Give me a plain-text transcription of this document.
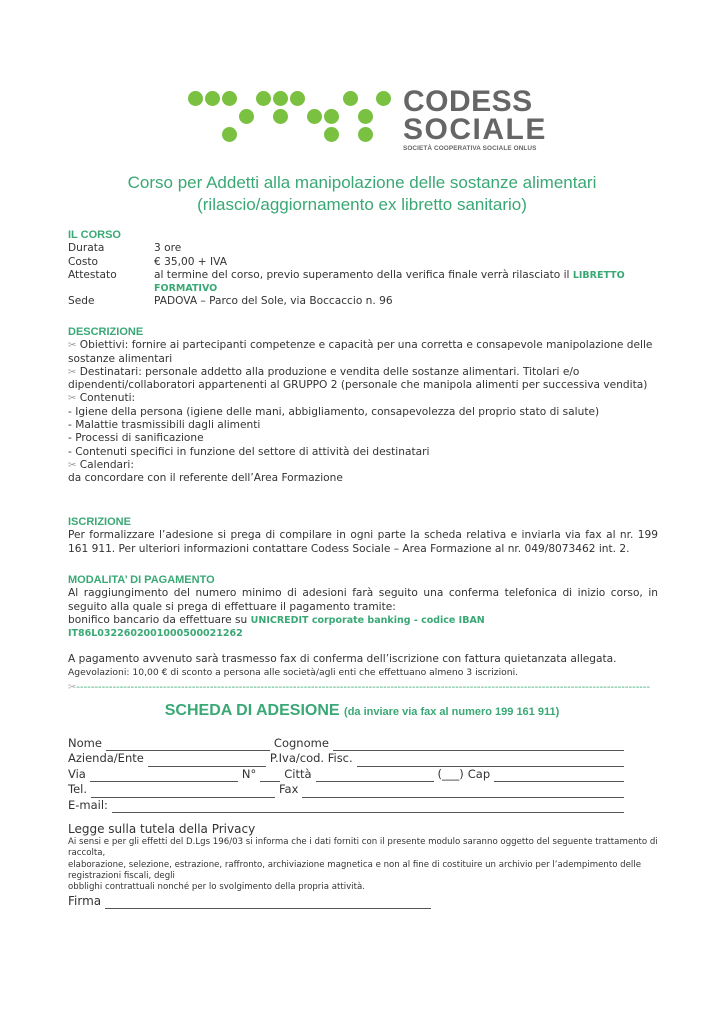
CODESS
SOCIALE
SOCIETÀ COOPERATIVA SOCIALE ONLUS
Corso per Addetti alla manipolazione delle sostanze alimentari
(rilascio/aggiornamento ex libretto sanitario)
IL CORSO
Durata	3 ore
Costo	€ 35,00 + IVA
Attestato	al termine del corso, previo superamento della verifica finale verrà rilasciato il LIBRETTO FORMATIVO
Sede	PADOVA – Parco del Sole, via Boccaccio n. 96
DESCRIZIONE
✂ Obiettivi: fornire ai partecipanti competenze e capacità per una corretta e consapevole manipolazione delle sostanze alimentari
✂ Destinatari: personale addetto alla produzione e vendita delle sostanze alimentari. Titolari e/o dipendenti/collaboratori appartenenti al GRUPPO 2 (personale che manipola alimenti per successiva vendita)
✂ Contenuti:
- Igiene della persona (igiene delle mani, abbigliamento, consapevolezza del proprio stato di salute)
- Malattie trasmissibili dagli alimenti
- Processi di sanificazione
- Contenuti specifici in funzione del settore di attività dei destinatari
✂ Calendari:
da concordare con il referente dell’Area Formazione
ISCRIZIONE
Per formalizzare l’adesione si prega di compilare in ogni parte la scheda relativa e inviarla via fax al nr. 199 161 911. Per ulteriori informazioni contattare Codess Sociale – Area Formazione al nr. 049/8073462 int. 2.
MODALITA’ DI PAGAMENTO
Al raggiungimento del numero minimo di adesioni farà seguito una conferma telefonica di inizio corso, in seguito alla quale si prega di effettuare il pagamento tramite:
bonifico bancario da effettuare su UNICREDIT corporate banking - codice IBAN IT86L0322602001000500021262
A pagamento avvenuto sarà trasmesso fax di conferma dell’iscrizione con fattura quietanzata allegata.
Agevolazioni: 10,00 € di sconto a persona alle società/agli enti che effettuano almeno 3 iscrizioni.
✂---------------------------------------------------------------------------------------------------------------------------------------------------------------
SCHEDA DI ADESIONE (da inviare via fax al numero 199 161 911)
Nome	Cognome
Azienda/Ente	P.Iva/cod. Fisc.
Via	N° Città	(___) Cap
Tel.	Fax
E-mail:
Legge sulla tutela della Privacy
Ai sensi e per gli effetti del D.Lgs 196/03 si informa che i dati forniti con il presente modulo saranno oggetto del seguente trattamento di raccolta,
elaborazione, selezione, estrazione, raffronto, archiviazione magnetica e non al fine di costituire un archivio per l’adempimento delle registrazioni fiscali, degli
obblighi contrattuali nonché per lo svolgimento della propria attività.
Firma
